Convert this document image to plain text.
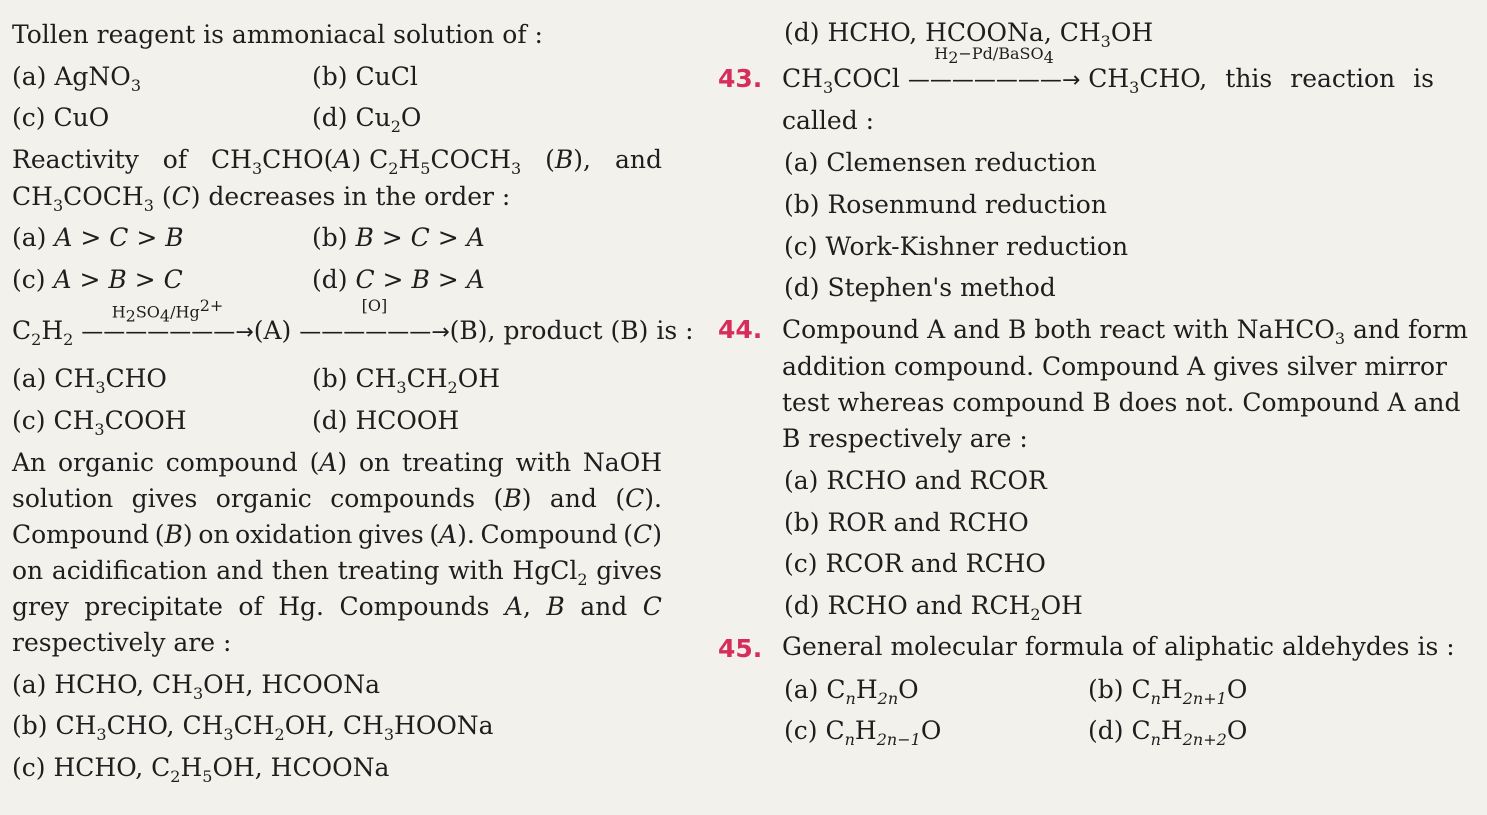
Tollen reagent is ammoniacal solution of :
(a) AgNO$_3$	(b) CuCl
(c) CuO	(d) $Cu_2O$
Reactivity of $CH_3CHO(A)$ $C_2H_5COCH_3$ (B), and
$CH_3COCH_3$ (C) decreases in the order :
(a) A > C > B	(b) B > C > A
(c) A > B > C	(d) C > B > A
$C_2H_2$
$H_2SO_4/Hg^{2+}$
———————→(A)
[O]
——————→(B), product (B) is :
(a) $CH_3CHO$	(b) $CH_3CH_2OH$
(c) $CH_3COOH$	(d) HCOOH
An organic compound (A) on treating with NaOH
solution gives organic compounds (B) and (C).
Compound (B) on oxidation gives (A). Compound (C)
on acidification and then treating with HgCl$_2$ gives
grey precipitate of Hg. Compounds A, B and C
respectively are :
(a) HCHO, $CH_3OH$, HCOONa
(b) $CH_3CHO$, $CH_3CH_2OH$, $CH_3HOONa$
(c) HCHO, $C_2H_5OH$, HCOONa
(d) HCHO, HCOONa, $CH_3OH$
43. $CH_3COCl$
$H_2-Pd/BaSO_4$
———————→ $CH_3CHO$, this reaction is
called :
(a) Clemensen reduction
(b) Rosenmund reduction
(c) Work-Kishner reduction
(d) Stephen's method
44. Compound A and B both react with NaHCO$_3$ and form
addition compound. Compound A gives silver mirror
test whereas compound B does not. Compound A and
B respectively are :
(a) RCHO and RCOR
(b) ROR and RCHO
(c) RCOR and RCHO
(d) RCHO and $RCH_2OH$
45. General molecular formula of aliphatic aldehydes is :
(a) $C_nH_{2n}O$	(b) $C_nH_{2n+1}O$
(c) $C_nH_{2n-1}O$	(d) $C_nH_{2n+2}O$
